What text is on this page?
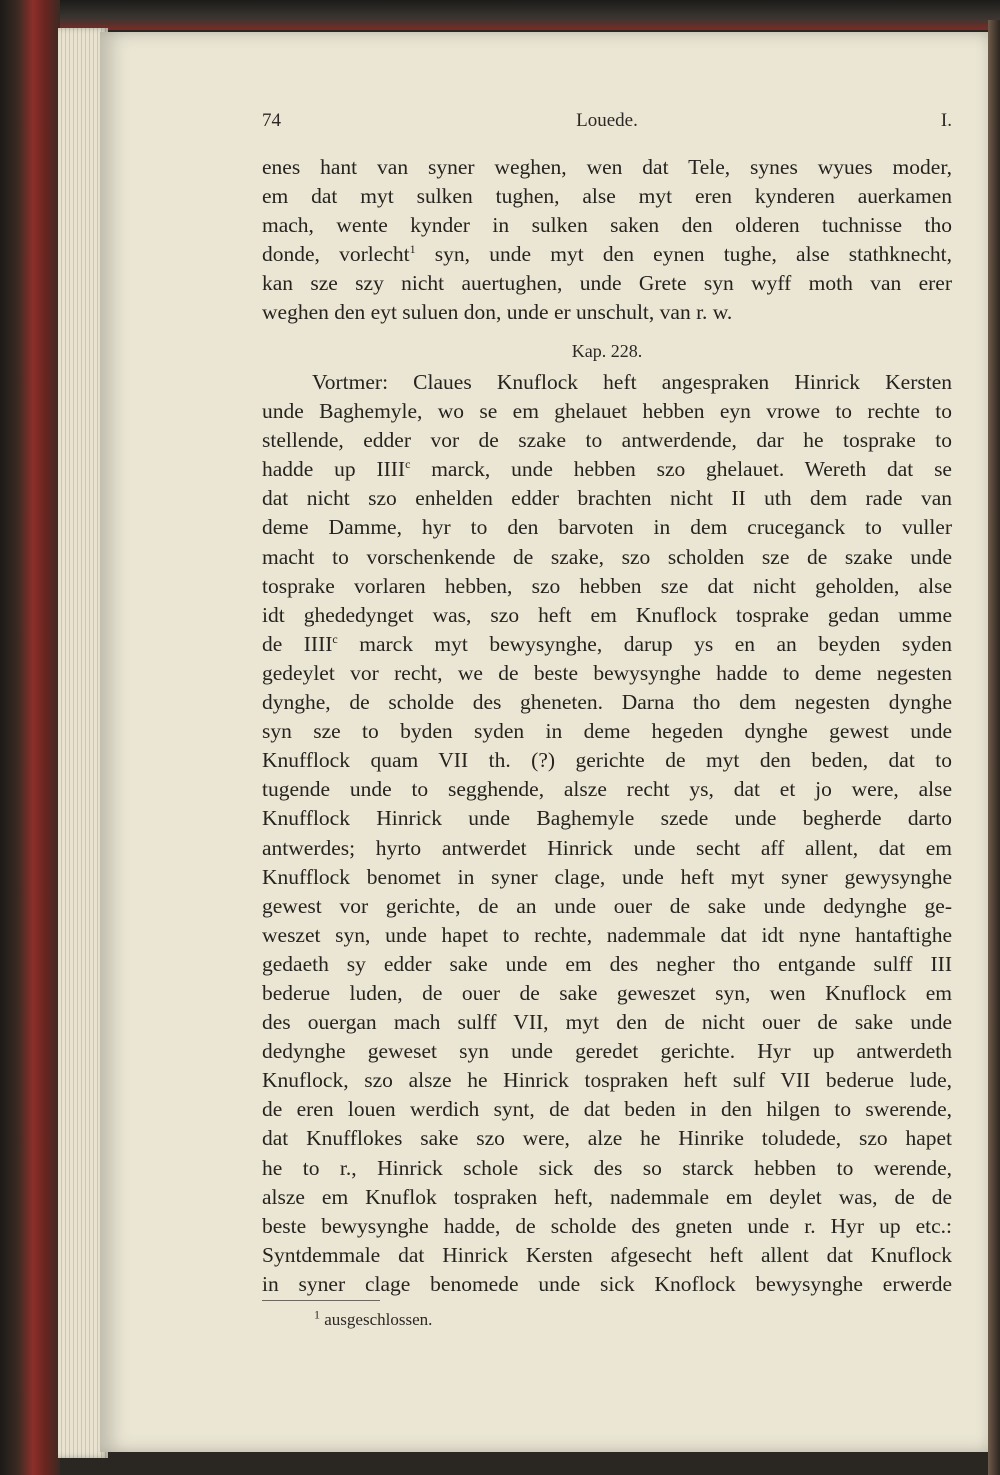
74	Louede.	I.
enes hant van syner weghen, wen dat Tele, synes wyues moder,
em dat myt sulken tughen, alse myt eren kynderen auerkamen
mach, wente kynder in sulken saken den olderen tuchnisse tho
donde, vorlecht$^1$ syn, unde myt den eynen tughe, alse stathknecht,
kan sze szy nicht auertughen, unde Grete syn wyff moth van erer
weghen den eyt suluen don, unde er unschult, van r. w.
Kap. 228.
Vortmer: Claues Knuflock heft angespraken Hinrick Kersten
unde Baghemyle, wo se em ghelauet hebben eyn vrowe to rechte to
stellende, edder vor de szake to antwerdende, dar he tosprake to
hadde up IIII$^c$ marck, unde hebben szo ghelauet. Wereth dat se
dat nicht szo enhelden edder brachten nicht II uth dem rade van
deme Damme, hyr to den barvoten in dem cruceganck to vuller
macht to vorschenkende de szake, szo scholden sze de szake unde
tosprake vorlaren hebben, szo hebben sze dat nicht geholden, alse
idt ghededynget was, szo heft em Knuflock tosprake gedan umme
de IIII$^c$ marck myt bewysynghe, darup ys en an beyden syden
gedeylet vor recht, we de beste bewysynghe hadde to deme negesten
dynghe, de scholde des gheneten. Darna tho dem negesten dynghe
syn sze to byden syden in deme hegeden dynghe gewest unde
Knufflock quam VII th. (?) gerichte de myt den beden, dat to
tugende unde to segghende, alsze recht ys, dat et jo were, alse
Knufflock Hinrick unde Baghemyle szede unde begherde darto
antwerdes; hyrto antwerdet Hinrick unde secht aff allent, dat em
Knufflock benomet in syner clage, unde heft myt syner gewysynghe
gewest vor gerichte, de an unde ouer de sake unde dedynghe ge-
weszet syn, unde hapet to rechte, nademmale dat idt nyne hantaftighe
gedaeth sy edder sake unde em des negher tho entgande sulff III
bederue luden, de ouer de sake geweszet syn, wen Knuflock em
des ouergan mach sulff VII, myt den de nicht ouer de sake unde
dedynghe geweset syn unde geredet gerichte. Hyr up antwerdeth
Knuflock, szo alsze he Hinrick tospraken heft sulf VII bederue lude,
de eren louen werdich synt, de dat beden in den hilgen to swerende,
dat Knufflokes sake szo were, alze he Hinrike toludede, szo hapet
he to r., Hinrick schole sick des so starck hebben to werende,
alsze em Knuflok tospraken heft, nademmale em deylet was, de de
beste bewysynghe hadde, de scholde des gneten unde r. Hyr up etc.:
Syntdemmale dat Hinrick Kersten afgesecht heft allent dat Knuflock
in syner clage benomede unde sick Knoflock bewysynghe erwerde
$^1$ ausgeschlossen.
